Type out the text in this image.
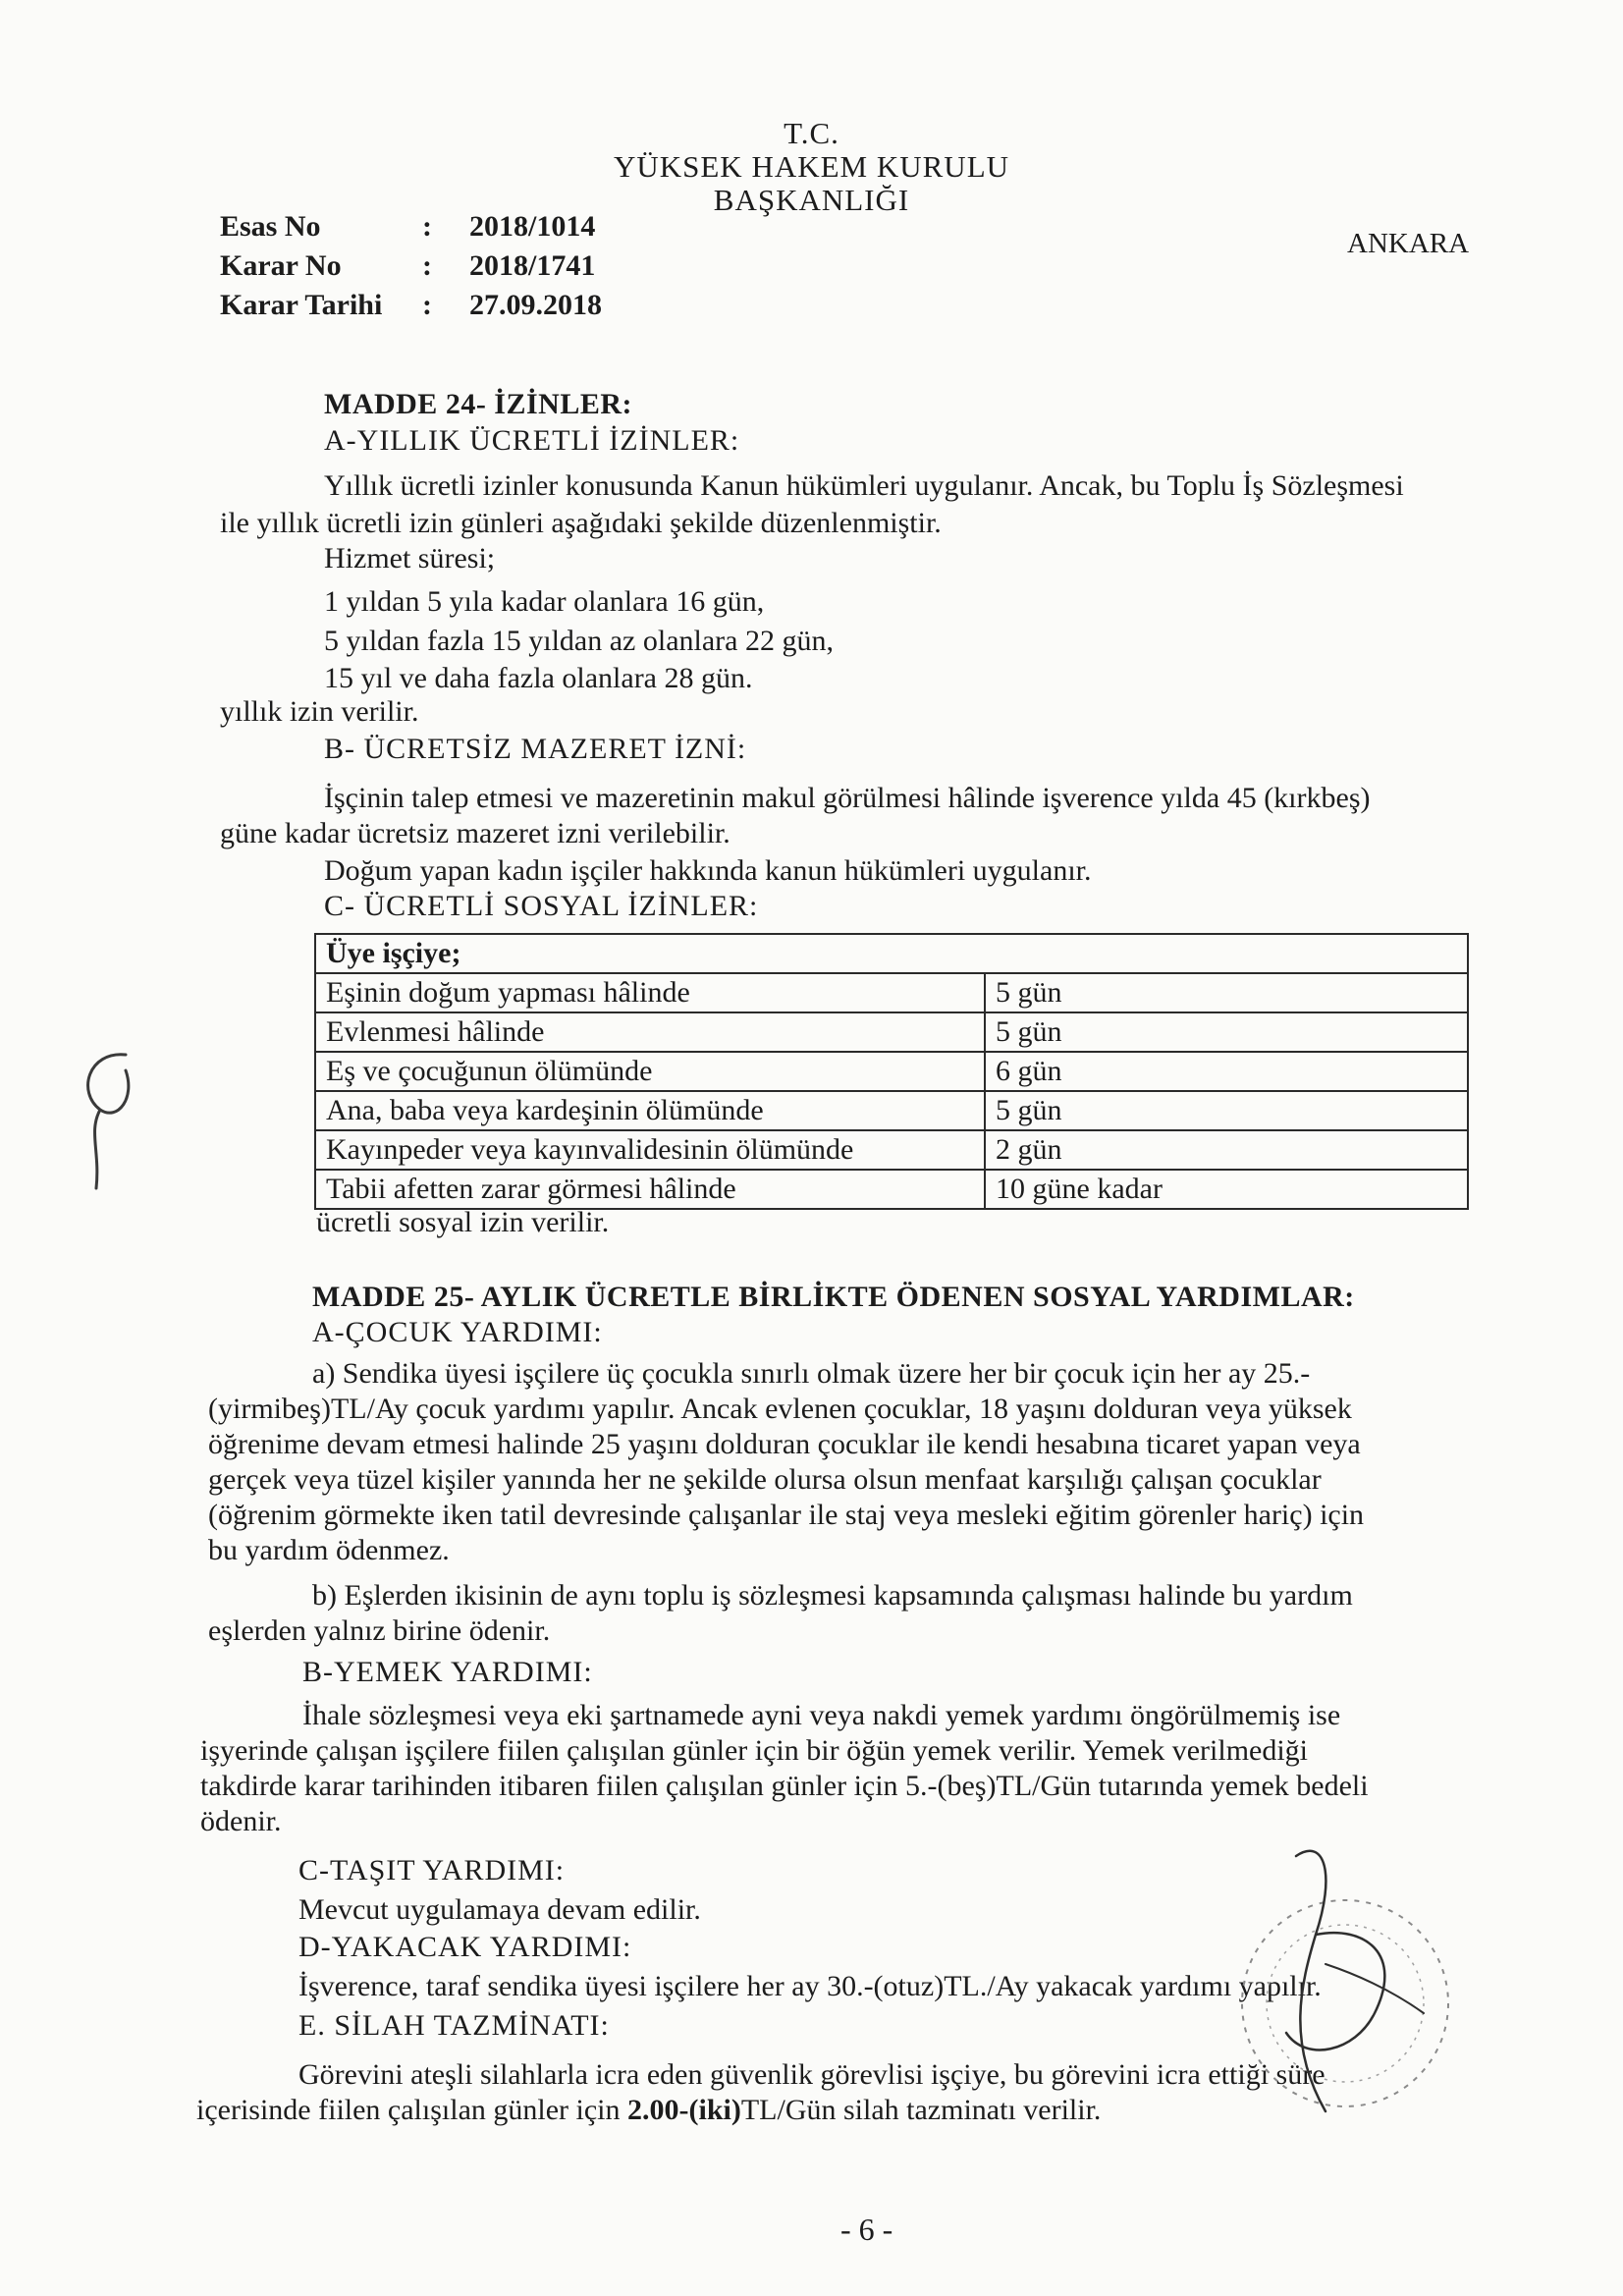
T.C.
YÜKSEK HAKEM KURULU
BAŞKANLIĞI
ANKARA
Esas No	: 2018/1014
Karar No	: 2018/1741
Karar Tarihi : 27.09.2018
MADDE 24- İZİNLER:
A-YILLIK ÜCRETLİ İZİNLER:
Yıllık ücretli izinler konusunda Kanun hükümleri uygulanır. Ancak, bu Toplu İş Sözleşmesi
ile yıllık ücretli izin günleri aşağıdaki şekilde düzenlenmiştir.
Hizmet süresi;
1 yıldan 5 yıla kadar olanlara 16 gün,
5 yıldan fazla 15 yıldan az olanlara 22 gün,
15 yıl ve daha fazla olanlara 28 gün.
yıllık izin verilir.
B- ÜCRETSİZ MAZERET İZNİ:
İşçinin talep etmesi ve mazeretinin makul görülmesi hâlinde işverence yılda 45 (kırkbeş)
güne kadar ücretsiz mazeret izni verilebilir.
Doğum yapan kadın işçiler hakkında kanun hükümleri uygulanır.
C- ÜCRETLİ SOSYAL İZİNLER:
Üye işçiye;	
Eşinin doğum yapması hâlinde	5 gün
Evlenmesi hâlinde	5 gün
Eş ve çocuğunun ölümünde	6 gün
Ana, baba veya kardeşinin ölümünde	5 gün
Kayınpeder veya kayınvalidesinin ölümünde	2 gün
Tabii afetten zarar görmesi hâlinde	10 güne kadar
ücretli sosyal izin verilir.
MADDE 25- AYLIK ÜCRETLE BİRLİKTE ÖDENEN SOSYAL YARDIMLAR:
A-ÇOCUK YARDIMI:
a) Sendika üyesi işçilere üç çocukla sınırlı olmak üzere her bir çocuk için her ay 25.-
(yirmibeş)TL/Ay çocuk yardımı yapılır. Ancak evlenen çocuklar, 18 yaşını dolduran veya yüksek
öğrenime devam etmesi halinde 25 yaşını dolduran çocuklar ile kendi hesabına ticaret yapan veya
gerçek veya tüzel kişiler yanında her ne şekilde olursa olsun menfaat karşılığı çalışan çocuklar
(öğrenim görmekte iken tatil devresinde çalışanlar ile staj veya mesleki eğitim görenler hariç) için
bu yardım ödenmez.
b) Eşlerden ikisinin de aynı toplu iş sözleşmesi kapsamında çalışması halinde bu yardım
eşlerden yalnız birine ödenir.
B-YEMEK YARDIMI:
İhale sözleşmesi veya eki şartnamede ayni veya nakdi yemek yardımı öngörülmemiş ise
işyerinde çalışan işçilere fiilen çalışılan günler için bir öğün yemek verilir. Yemek verilmediği
takdirde karar tarihinden itibaren fiilen çalışılan günler için 5.-(beş)TL/Gün tutarında yemek bedeli
ödenir.
C-TAŞIT YARDIMI:
Mevcut uygulamaya devam edilir.
D-YAKACAK YARDIMI:
İşverence, taraf sendika üyesi işçilere her ay 30.-(otuz)TL./Ay yakacak yardımı yapılır.
E. SİLAH TAZMİNATI:
Görevini ateşli silahlarla icra eden güvenlik görevlisi işçiye, bu görevini icra ettiği süre
içerisinde fiilen çalışılan günler için 2.00-(iki)TL/Gün silah tazminatı verilir.
- 6 -
